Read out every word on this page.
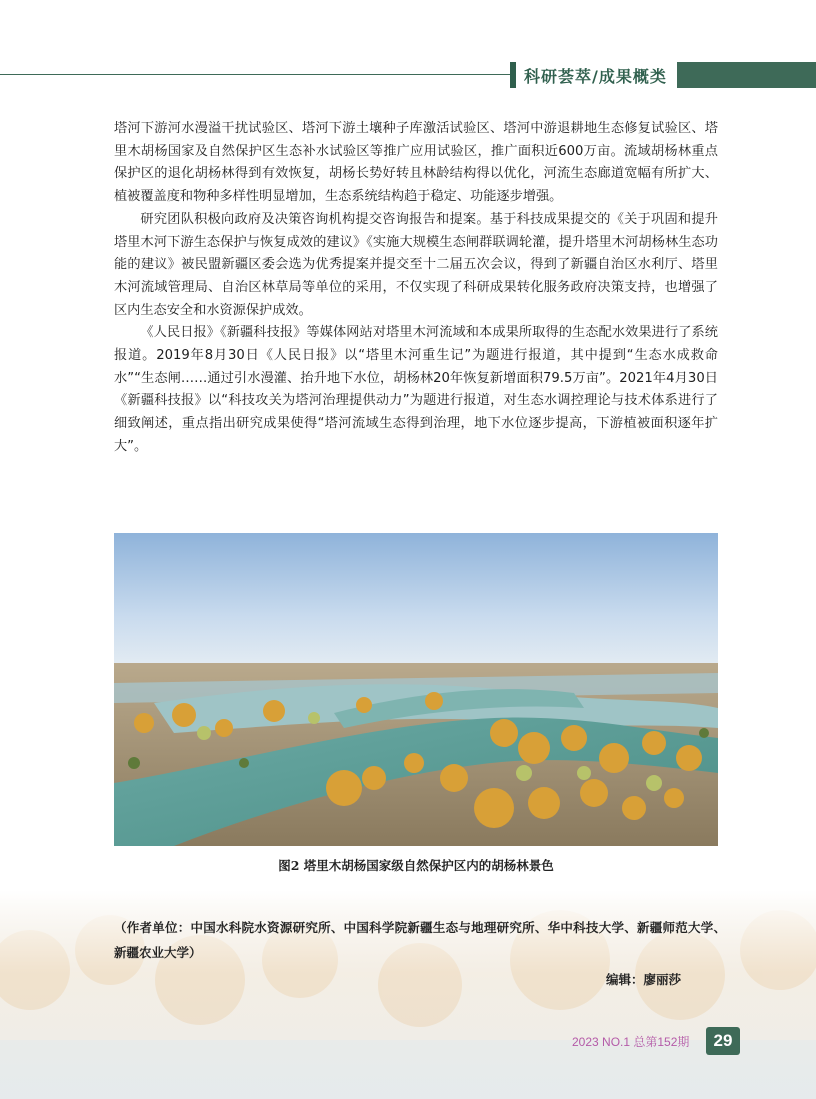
科研荟萃/成果概类

塔河下游河水漫溢干扰试验区、塔河下游土壤种子库激活试验区、塔河中游退耕地生态修复试验区、塔里木胡杨国家及自然保护区生态补水试验区等推广应用试验区，推广面积近600万亩。流域胡杨林重点保护区的退化胡杨林得到有效恢复，胡杨长势好转且林龄结构得以优化，河流生态廊道宽幅有所扩大、植被覆盖度和物种多样性明显增加，生态系统结构趋于稳定、功能逐步增强。

研究团队积极向政府及决策咨询机构提交咨询报告和提案。基于科技成果提交的《关于巩固和提升塔里木河下游生态保护与恢复成效的建议》《实施大规模生态闸群联调轮灌，提升塔里木河胡杨林生态功能的建议》被民盟新疆区委会选为优秀提案并提交至十二届五次会议，得到了新疆自治区水利厅、塔里木河流域管理局、自治区林草局等单位的采用，不仅实现了科研成果转化服务政府决策支持，也增强了区内生态安全和水资源保护成效。

《人民日报》《新疆科技报》等媒体网站对塔里木河流域和本成果所取得的生态配水效果进行了系统报道。2019年8月30日《人民日报》以“塔里木河重生记”为题进行报道，其中提到“生态水成救命水”“生态闸……通过引水漫灌、抬升地下水位，胡杨林20年恢复新增面积79.5万亩”。2021年4月30日《新疆科技报》以“科技攻关为塔河治理提供动力”为题进行报道，对生态水调控理论与技术体系进行了细致阐述，重点指出研究成果使得“塔河流域生态得到治理，地下水位逐步提高，下游植被面积逐年扩大”。

图2 塔里木胡杨国家级自然保护区内的胡杨林景色
（作者单位：中国水科院水资源研究所、中国科学院新疆生态与地理研究所、华中科技大学、新疆师范大学、新疆农业大学）
编辑：廖丽莎
2023 NO.1 总第152期	29
